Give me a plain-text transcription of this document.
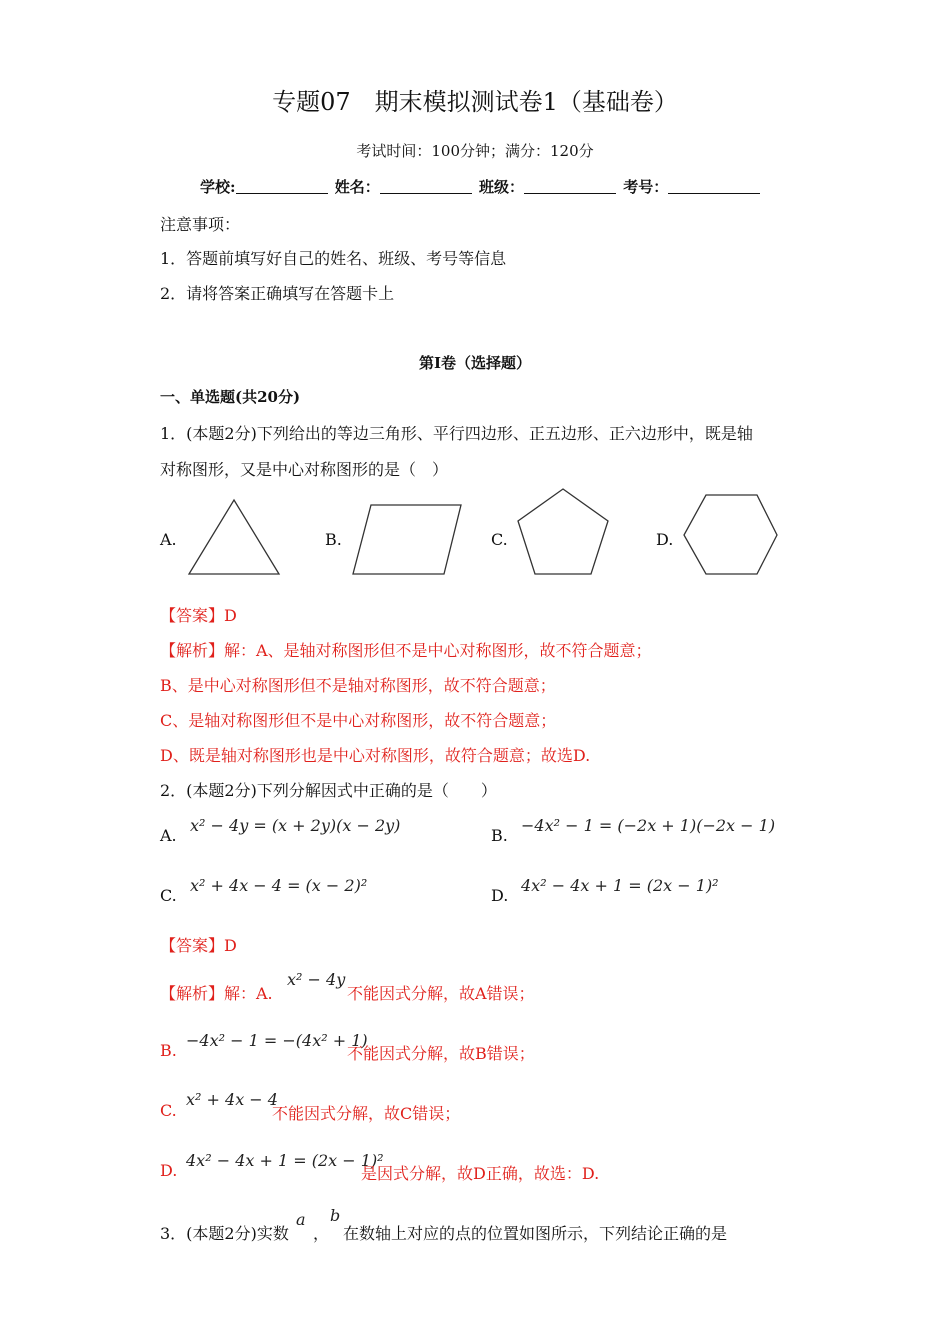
专题07　期末模拟测试卷1（基础卷）
考试时间：100分钟；满分：120分
学校:	姓名：	班级：	考号：
注意事项：
1．答题前填写好自己的姓名、班级、考号等信息
2．请将答案正确填写在答题卡上
第I卷（选择题）
一、单选题(共20分)
1．(本题2分)下列给出的等边三角形、平行四边形、正五边形、正六边形中，既是轴
对称图形，又是中心对称图形的是（　）
A.	B.	C.	D.
【答案】D
【解析】解：A、是轴对称图形但不是中心对称图形，故不符合题意；
B、是中心对称图形但不是轴对称图形，故不符合题意；
C、是轴对称图形但不是中心对称图形，故不符合题意；
D、既是轴对称图形也是中心对称图形，故符合题意；故选D.
2．(本题2分)下列分解因式中正确的是（　　）
A.
x² − 4y = (x + 2y)(x − 2y)
B.
−4x² − 1 = (−2x + 1)(−2x − 1)
C.
x² + 4x − 4 = (x − 2)²
D.
4x² − 4x + 1 = (2x − 1)²
【答案】D
【解析】解：A.
x² − 4y
不能因式分解，故A错误；
B.
−4x² − 1 = −(4x² + 1)
不能因式分解，故B错误；
C.
x² + 4x − 4
不能因式分解，故C错误；
D.
4x² − 4x + 1 = (2x − 1)²
是因式分解，故D正确，故选：D.
3．(本题2分)实数
a
，
b
在数轴上对应的点的位置如图所示，下列结论正确的是
